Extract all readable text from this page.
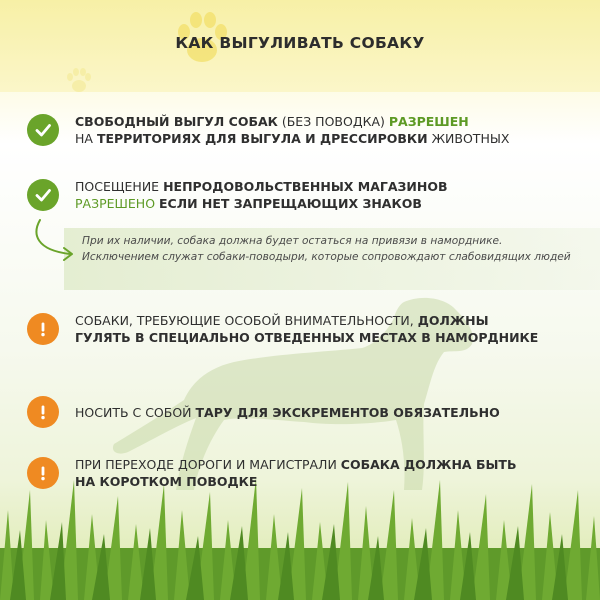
КАК ВЫГУЛИВАТЬ СОБАКУ
СВОБОДНЫЙ ВЫГУЛ СОБАК (БЕЗ ПОВОДКА) РАЗРЕШЕН
НА ТЕРРИТОРИЯХ ДЛЯ ВЫГУЛА И ДРЕССИРОВКИ ЖИВОТНЫХ
ПОСЕЩЕНИЕ НЕПРОДОВОЛЬСТВЕННЫХ МАГАЗИНОВ
РАЗРЕШЕНО ЕСЛИ НЕТ ЗАПРЕЩАЮЩИХ ЗНАКОВ
При их наличии, собака должна будет остаться на привязи в наморднике. Исключением служат собаки-поводыри, которые сопровождают слабовидящих людей
СОБАКИ, ТРЕБУЮЩИЕ ОСОБОЙ ВНИМАТЕЛЬНОСТИ, ДОЛЖНЫ ГУЛЯТЬ В СПЕЦИАЛЬНО ОТВЕДЕННЫХ МЕСТАХ В НАМОРДНИКЕ
НОСИТЬ С СОБОЙ ТАРУ ДЛЯ ЭКСКРЕМЕНТОВ ОБЯЗАТЕЛЬНО
ПРИ ПЕРЕХОДЕ ДОРОГИ И МАГИСТРАЛИ СОБАКА ДОЛЖНА БЫТЬ НА КОРОТКОМ ПОВОДКЕ
